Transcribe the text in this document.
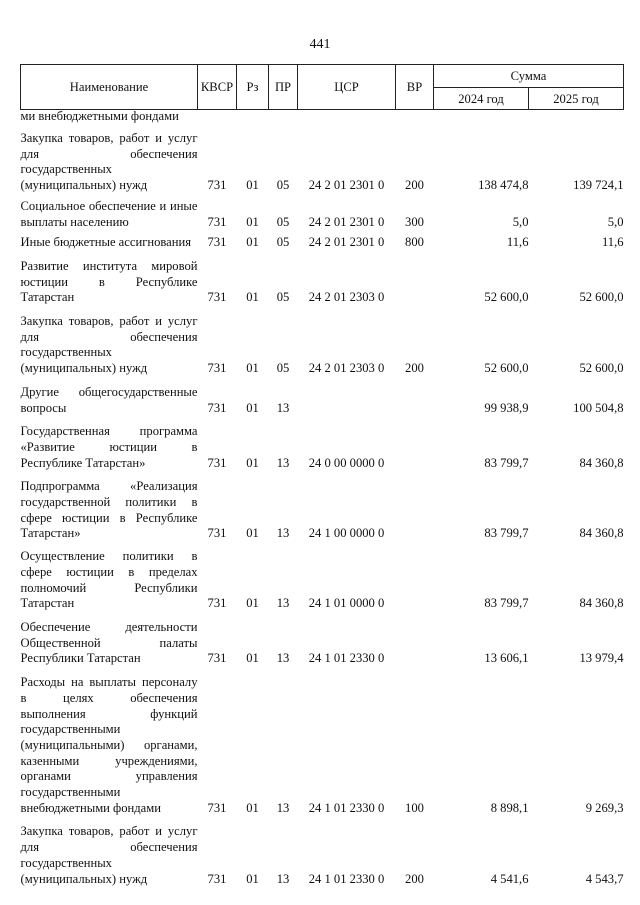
441
Наименование	КВСР	Рз	ПР	ЦСР	ВР	Сумма	
						2024 год	2025 год
ми внебюджетными фондами							
Закупка товаров, работ и услуг для обеспечения государственных (муниципальных) нужд	731	01	05	24 2 01 2301 0	200	138 474,8	139 724,1
Социальное обеспечение и иные выплаты населению	731	01	05	24 2 01 2301 0	300	5,0	5,0
Иные бюджетные ассигнования	731	01	05	24 2 01 2301 0	800	11,6	11,6
Развитие института мировой юстиции в Республике Татарстан	731	01	05	24 2 01 2303 0		52 600,0	52 600,0
Закупка товаров, работ и услуг для обеспечения государственных (муниципальных) нужд	731	01	05	24 2 01 2303 0	200	52 600,0	52 600,0
Другие общегосударственные вопросы	731	01	13			99 938,9	100 504,8
Государственная программа «Развитие юстиции в Республике Татарстан»	731	01	13	24 0 00 0000 0		83 799,7	84 360,8
Подпрограмма «Реализация государственной политики в сфере юстиции в Республике Татарстан»	731	01	13	24 1 00 0000 0		83 799,7	84 360,8
Осуществление политики в сфере юстиции в пределах полномочий Республики Татарстан	731	01	13	24 1 01 0000 0		83 799,7	84 360,8
Обеспечение деятельности Общественной палаты Республики Татарстан	731	01	13	24 1 01 2330 0		13 606,1	13 979,4
Расходы на выплаты персоналу в целях обеспечения выполнения функций государственными (муниципальными) органами, казенными учреждениями, органами управления государственными внебюджетными фондами	731	01	13	24 1 01 2330 0	100	8 898,1	9 269,3
Закупка товаров, работ и услуг для обеспечения государственных (муниципальных) нужд	731	01	13	24 1 01 2330 0	200	4 541,6	4 543,7
